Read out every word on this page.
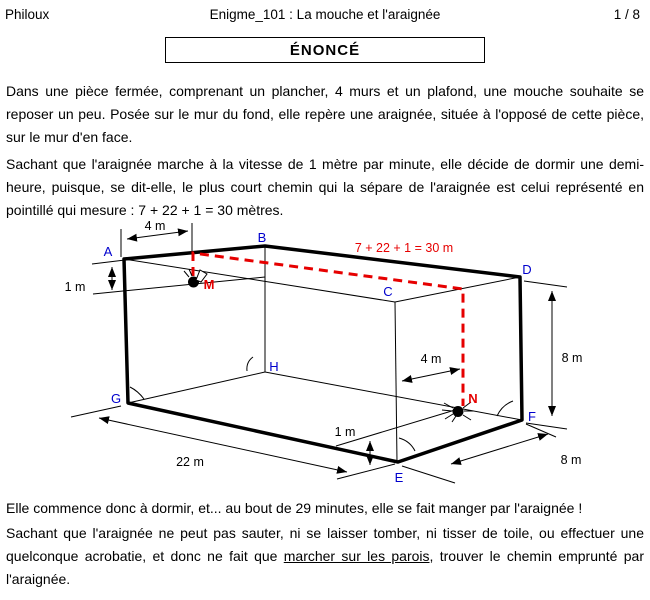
Philoux	Enigme_101 : La mouche et l'araignée	1 / 8
ÉNONCÉ

Dans une pièce fermée, comprenant un plancher, 4 murs et un plafond, une mouche souhaite se reposer un peu. Posée sur le mur du fond, elle repère une araignée, située à l'opposé de cette pièce, sur le mur d'en face.

Sachant que l'araignée marche à la vitesse de 1 mètre par minute, elle décide de dormir une demi-heure, puisque, se dit-elle, le plus court chemin qui la sépare de l'araignée est celui représenté en pointillé qui mesure : 7 + 22 + 1 = 30 mètres.

A
B
C
D
E
F
G
H
M
N
7 + 22 + 1 = 30 m
4 m
1 m
4 m	8 m
1 m
22 m	8 m

Elle commence donc à dormir, et... au bout de 29 minutes, elle se fait manger par l'araignée !

Sachant que l'araignée ne peut pas sauter, ni se laisser tomber, ni tisser de toile, ou effectuer une quelconque acrobatie, et donc ne fait que marcher sur les parois, trouver le chemin emprunté par l'araignée.
